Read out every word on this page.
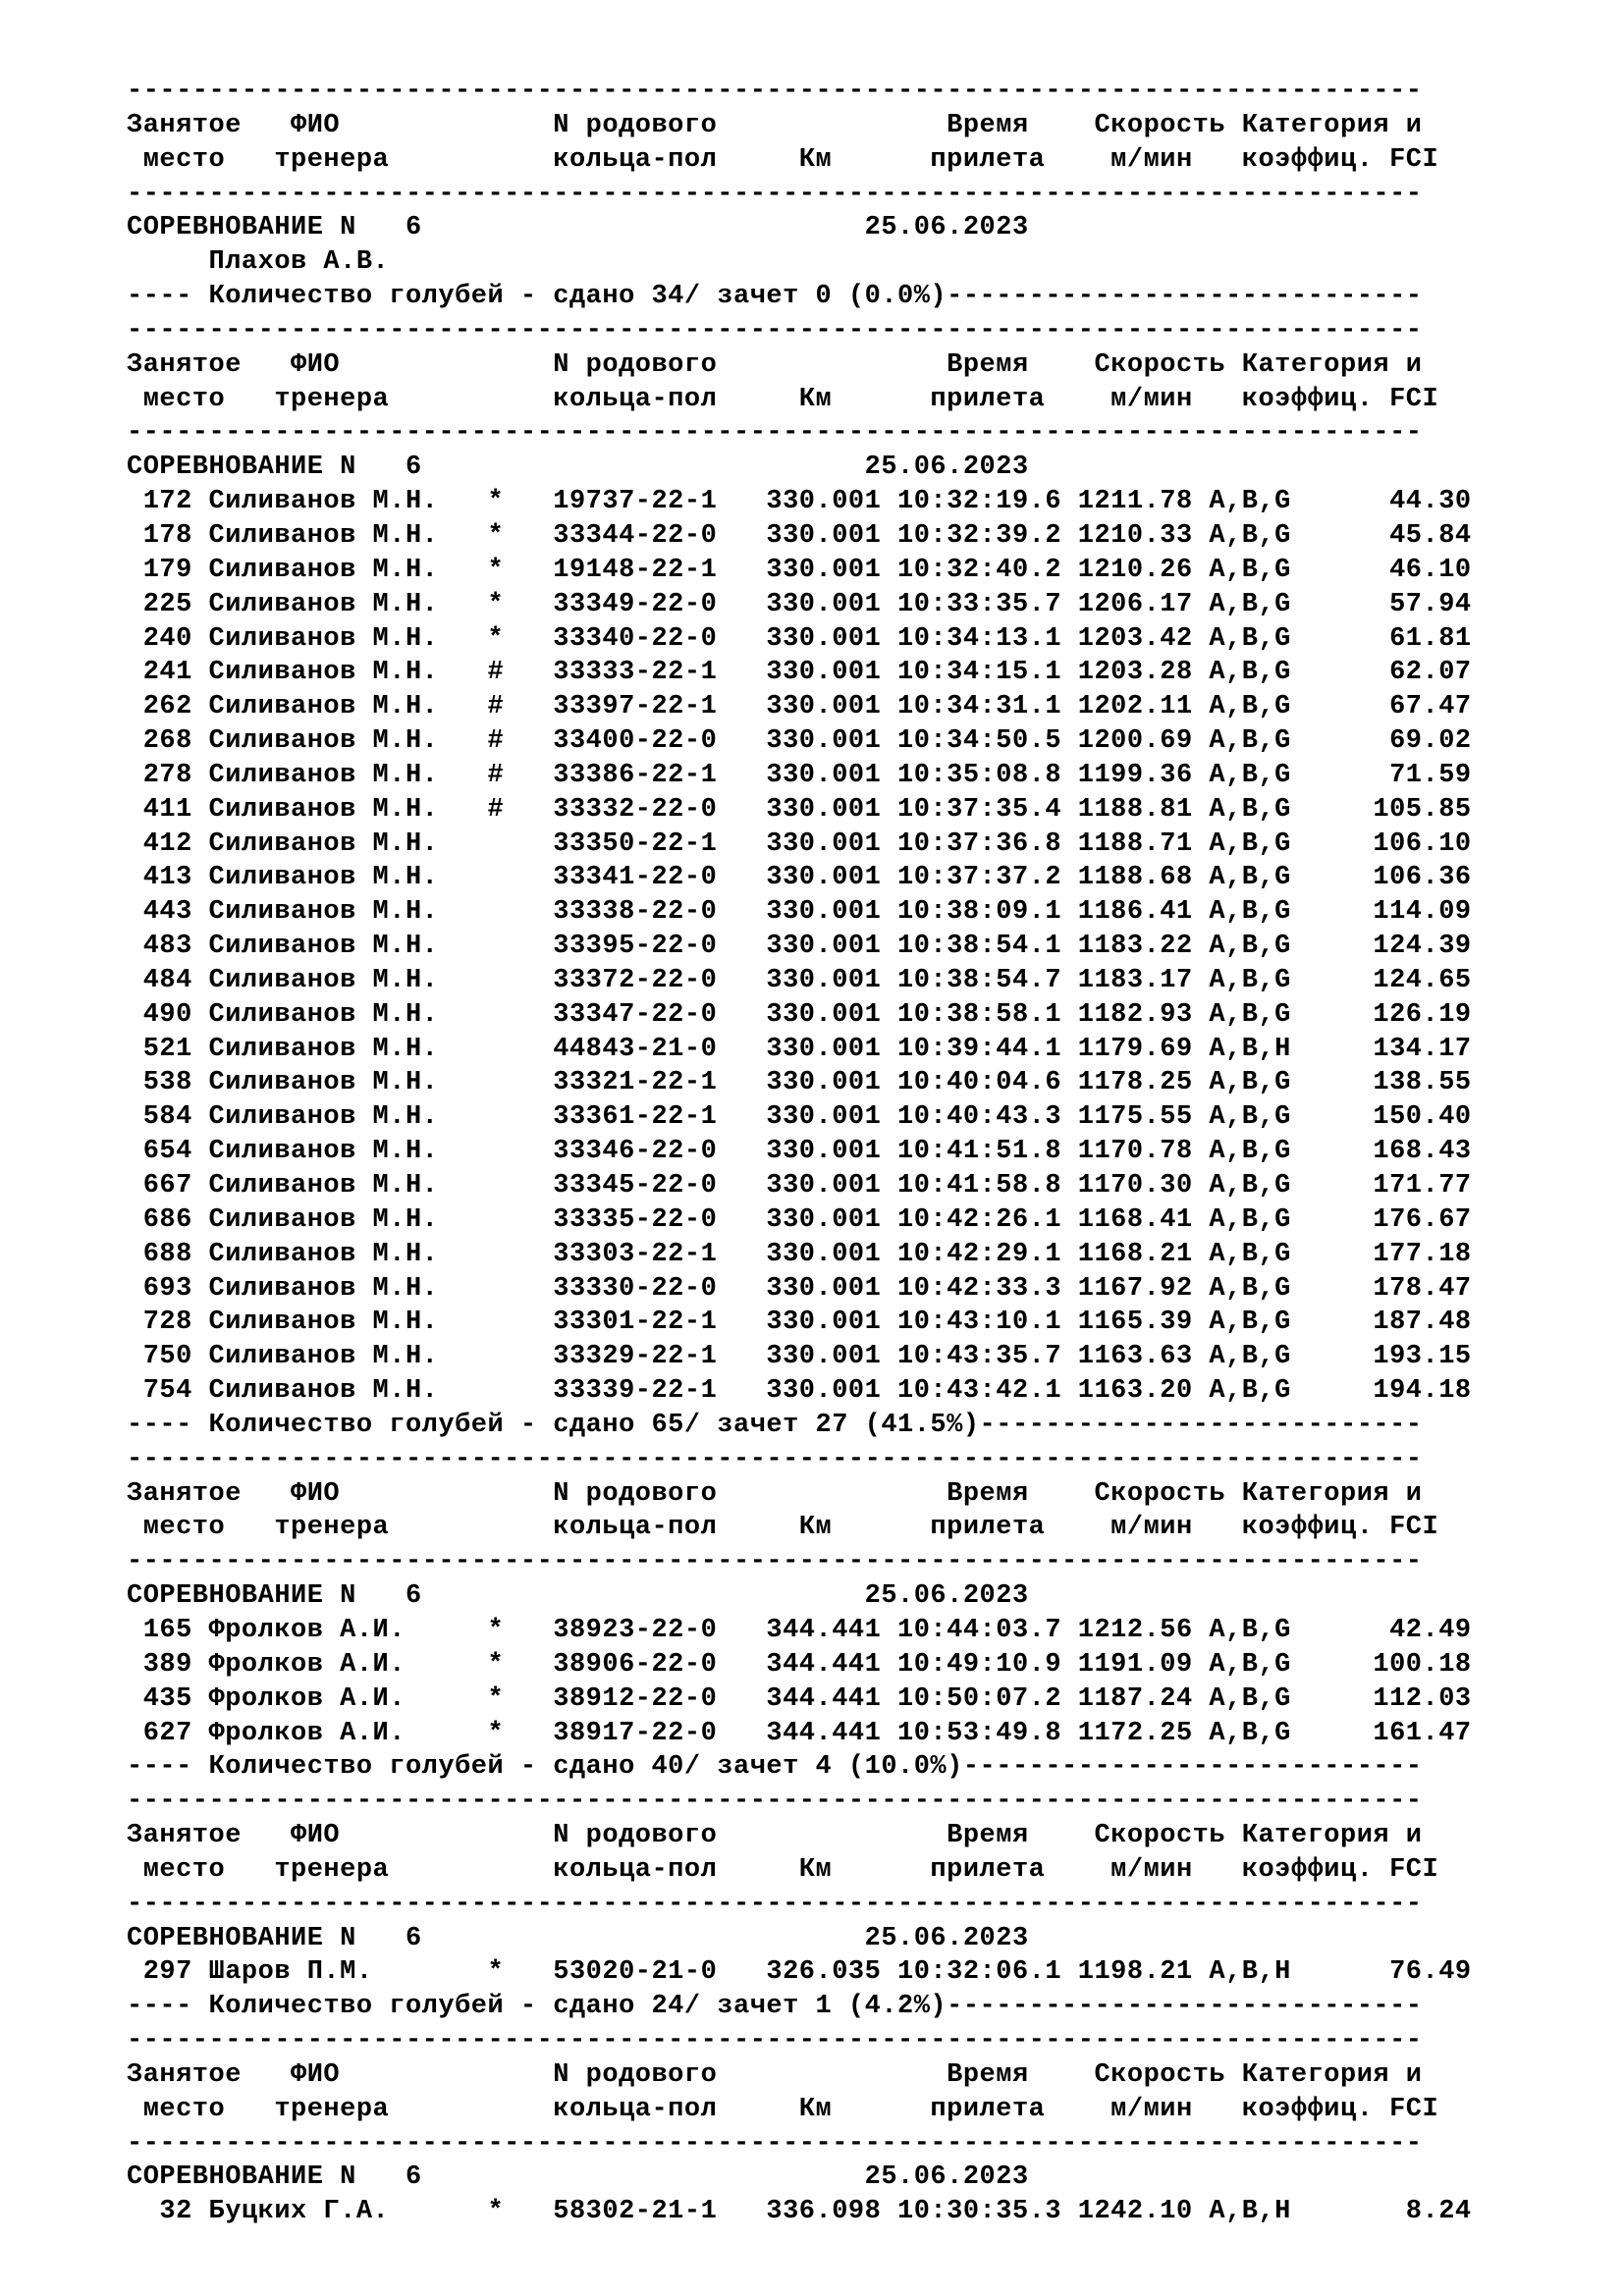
-------------------------------------------------------------------------------
Занятое   ФИО             N родового              Время    Скорость Категория и
место   тренера          кольца-пол     Км      прилета    м/мин   коэффиц. FCI
-------------------------------------------------------------------------------
СОРЕВНОВАНИЕ N   6                           25.06.2023
Плахов А.В.
---- Количество голубей - сдано 34/ зачет 0 (0.0%)-----------------------------
-------------------------------------------------------------------------------
Занятое   ФИО             N родового              Время    Скорость Категория и
место   тренера          кольца-пол     Км      прилета    м/мин   коэффиц. FCI
-------------------------------------------------------------------------------
СОРЕВНОВАНИЕ N   6                           25.06.2023
172 Силиванов М.Н.   *   19737-22-1   330.001 10:32:19.6 1211.78 A,B,G      44.30
178 Силиванов М.Н.   *   33344-22-0   330.001 10:32:39.2 1210.33 A,B,G      45.84
179 Силиванов М.Н.   *   19148-22-1   330.001 10:32:40.2 1210.26 A,B,G      46.10
225 Силиванов М.Н.   *   33349-22-0   330.001 10:33:35.7 1206.17 A,B,G      57.94
240 Силиванов М.Н.   *   33340-22-0   330.001 10:34:13.1 1203.42 A,B,G      61.81
241 Силиванов М.Н.   #   33333-22-1   330.001 10:34:15.1 1203.28 A,B,G      62.07
262 Силиванов М.Н.   #   33397-22-1   330.001 10:34:31.1 1202.11 A,B,G      67.47
268 Силиванов М.Н.   #   33400-22-0   330.001 10:34:50.5 1200.69 A,B,G      69.02
278 Силиванов М.Н.   #   33386-22-1   330.001 10:35:08.8 1199.36 A,B,G      71.59
411 Силиванов М.Н.   #   33332-22-0   330.001 10:37:35.4 1188.81 A,B,G     105.85
412 Силиванов М.Н.       33350-22-1   330.001 10:37:36.8 1188.71 A,B,G     106.10
413 Силиванов М.Н.       33341-22-0   330.001 10:37:37.2 1188.68 A,B,G     106.36
443 Силиванов М.Н.       33338-22-0   330.001 10:38:09.1 1186.41 A,B,G     114.09
483 Силиванов М.Н.       33395-22-0   330.001 10:38:54.1 1183.22 A,B,G     124.39
484 Силиванов М.Н.       33372-22-0   330.001 10:38:54.7 1183.17 A,B,G     124.65
490 Силиванов М.Н.       33347-22-0   330.001 10:38:58.1 1182.93 A,B,G     126.19
521 Силиванов М.Н.       44843-21-0   330.001 10:39:44.1 1179.69 A,B,H     134.17
538 Силиванов М.Н.       33321-22-1   330.001 10:40:04.6 1178.25 A,B,G     138.55
584 Силиванов М.Н.       33361-22-1   330.001 10:40:43.3 1175.55 A,B,G     150.40
654 Силиванов М.Н.       33346-22-0   330.001 10:41:51.8 1170.78 A,B,G     168.43
667 Силиванов М.Н.       33345-22-0   330.001 10:41:58.8 1170.30 A,B,G     171.77
686 Силиванов М.Н.       33335-22-0   330.001 10:42:26.1 1168.41 A,B,G     176.67
688 Силиванов М.Н.       33303-22-1   330.001 10:42:29.1 1168.21 A,B,G     177.18
693 Силиванов М.Н.       33330-22-0   330.001 10:42:33.3 1167.92 A,B,G     178.47
728 Силиванов М.Н.       33301-22-1   330.001 10:43:10.1 1165.39 A,B,G     187.48
750 Силиванов М.Н.       33329-22-1   330.001 10:43:35.7 1163.63 A,B,G     193.15
754 Силиванов М.Н.       33339-22-1   330.001 10:43:42.1 1163.20 A,B,G     194.18
---- Количество голубей - сдано 65/ зачет 27 (41.5%)---------------------------
-------------------------------------------------------------------------------
Занятое   ФИО             N родового              Время    Скорость Категория и
место   тренера          кольца-пол     Км      прилета    м/мин   коэффиц. FCI
-------------------------------------------------------------------------------
СОРЕВНОВАНИЕ N   6                           25.06.2023
165 Фролков А.И.     *   38923-22-0   344.441 10:44:03.7 1212.56 A,B,G      42.49
389 Фролков А.И.     *   38906-22-0   344.441 10:49:10.9 1191.09 A,B,G     100.18
435 Фролков А.И.     *   38912-22-0   344.441 10:50:07.2 1187.24 A,B,G     112.03
627 Фролков А.И.     *   38917-22-0   344.441 10:53:49.8 1172.25 A,B,G     161.47
---- Количество голубей - сдано 40/ зачет 4 (10.0%)----------------------------
-------------------------------------------------------------------------------
Занятое   ФИО             N родового              Время    Скорость Категория и
место   тренера          кольца-пол     Км      прилета    м/мин   коэффиц. FCI
-------------------------------------------------------------------------------
СОРЕВНОВАНИЕ N   6                           25.06.2023
297 Шаров П.М.       *   53020-21-0   326.035 10:32:06.1 1198.21 A,B,H      76.49
---- Количество голубей - сдано 24/ зачет 1 (4.2%)-----------------------------
-------------------------------------------------------------------------------
Занятое   ФИО             N родового              Время    Скорость Категория и
место   тренера          кольца-пол     Км      прилета    м/мин   коэффиц. FCI
-------------------------------------------------------------------------------
СОРЕВНОВАНИЕ N   6                           25.06.2023
32 Буцких Г.А.      *   58302-21-1   336.098 10:30:35.3 1242.10 A,B,H       8.24
